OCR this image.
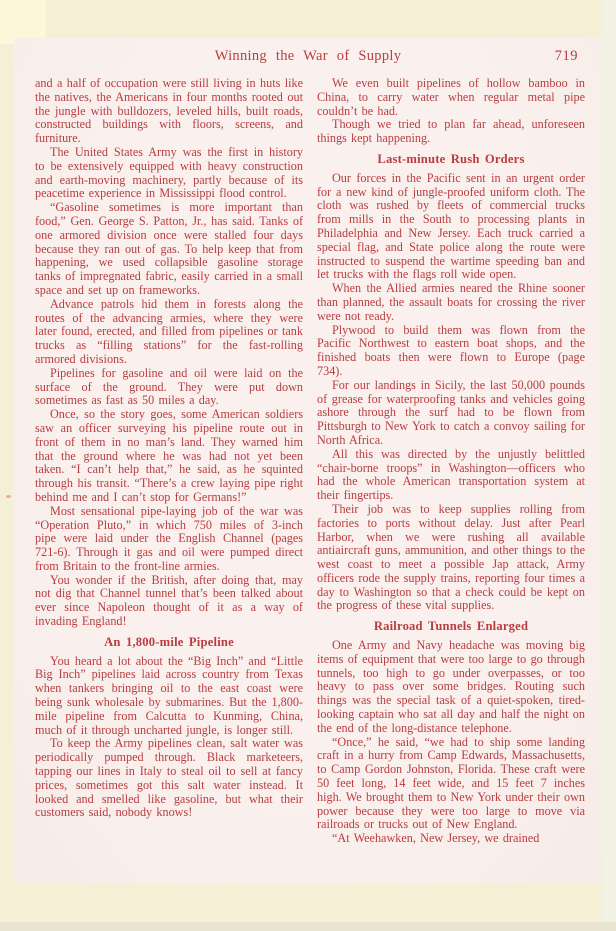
Winning the War of Supply	719
and a half of occupation were still living in huts like the natives, the Americans in four months rooted out the jungle with bulldozers, leveled hills, built roads, constructed buildings with floors, screens, and furniture.
The United States Army was the first in history to be extensively equipped with heavy construction and earth-moving machinery, partly because of its peacetime experience in Mississippi flood control.
“Gasoline sometimes is more important than food,” Gen. George S. Patton, Jr., has said. Tanks of one armored division once were stalled four days because they ran out of gas. To help keep that from happening, we used collapsible gasoline storage tanks of impregnated fabric, easily carried in a small space and set up on frameworks.
Advance patrols hid them in forests along the routes of the advancing armies, where they were later found, erected, and filled from pipelines or tank trucks as “filling stations” for the fast-rolling armored divisions.
Pipelines for gasoline and oil were laid on the surface of the ground. They were put down sometimes as fast as 50 miles a day.
Once, so the story goes, some American soldiers saw an officer surveying his pipeline route out in front of them in no man’s land. They warned him that the ground where he was had not yet been taken. “I can’t help that,” he said, as he squinted through his transit. “There’s a crew laying pipe right behind me and I can’t stop for Germans!”
Most sensational pipe-laying job of the war was “Operation Pluto,” in which 750 miles of 3-inch pipe were laid under the English Channel (pages 721-6). Through it gas and oil were pumped direct from Britain to the front-line armies.
You wonder if the British, after doing that, may not dig that Channel tunnel that’s been talked about ever since Napoleon thought of it as a way of invading England!
An 1,800-mile Pipeline
You heard a lot about the “Big Inch” and “Little Big Inch” pipelines laid across country from Texas when tankers bringing oil to the east coast were being sunk wholesale by submarines. But the 1,800-mile pipeline from Calcutta to Kunming, China, much of it through uncharted jungle, is longer still.
To keep the Army pipelines clean, salt water was periodically pumped through. Black marketeers, tapping our lines in Italy to steal oil to sell at fancy prices, sometimes got this salt water instead. It looked and smelled like gasoline, but what their customers said, nobody knows!
We even built pipelines of hollow bamboo in China, to carry water when regular metal pipe couldn’t be had.
Though we tried to plan far ahead, unforeseen things kept happening.
Last-minute Rush Orders
Our forces in the Pacific sent in an urgent order for a new kind of jungle-proofed uniform cloth. The cloth was rushed by fleets of commercial trucks from mills in the South to processing plants in Philadelphia and New Jersey. Each truck carried a special flag, and State police along the route were instructed to suspend the wartime speeding ban and let trucks with the flags roll wide open.
When the Allied armies neared the Rhine sooner than planned, the assault boats for crossing the river were not ready.
Plywood to build them was flown from the Pacific Northwest to eastern boat shops, and the finished boats then were flown to Europe (page 734).
For our landings in Sicily, the last 50,000 pounds of grease for waterproofing tanks and vehicles going ashore through the surf had to be flown from Pittsburgh to New York to catch a convoy sailing for North Africa.
All this was directed by the unjustly belittled “chair-borne troops” in Washington—officers who had the whole American transportation system at their fingertips.
Their job was to keep supplies rolling from factories to ports without delay. Just after Pearl Harbor, when we were rushing all available antiaircraft guns, ammunition, and other things to the west coast to meet a possible Jap attack, Army officers rode the supply trains, reporting four times a day to Washington so that a check could be kept on the progress of these vital supplies.
Railroad Tunnels Enlarged
One Army and Navy headache was moving big items of equipment that were too large to go through tunnels, too high to go under overpasses, or too heavy to pass over some bridges. Routing such things was the special task of a quiet-spoken, tired-looking captain who sat all day and half the night on the end of the long-distance telephone.
“Once,” he said, “we had to ship some landing craft in a hurry from Camp Edwards, Massachusetts, to Camp Gordon Johnston, Florida. These craft were 50 feet long, 14 feet wide, and 15 feet 7 inches high. We brought them to New York under their own power because they were too large to move via railroads or trucks out of New England.
“At Weehawken, New Jersey, we drained
